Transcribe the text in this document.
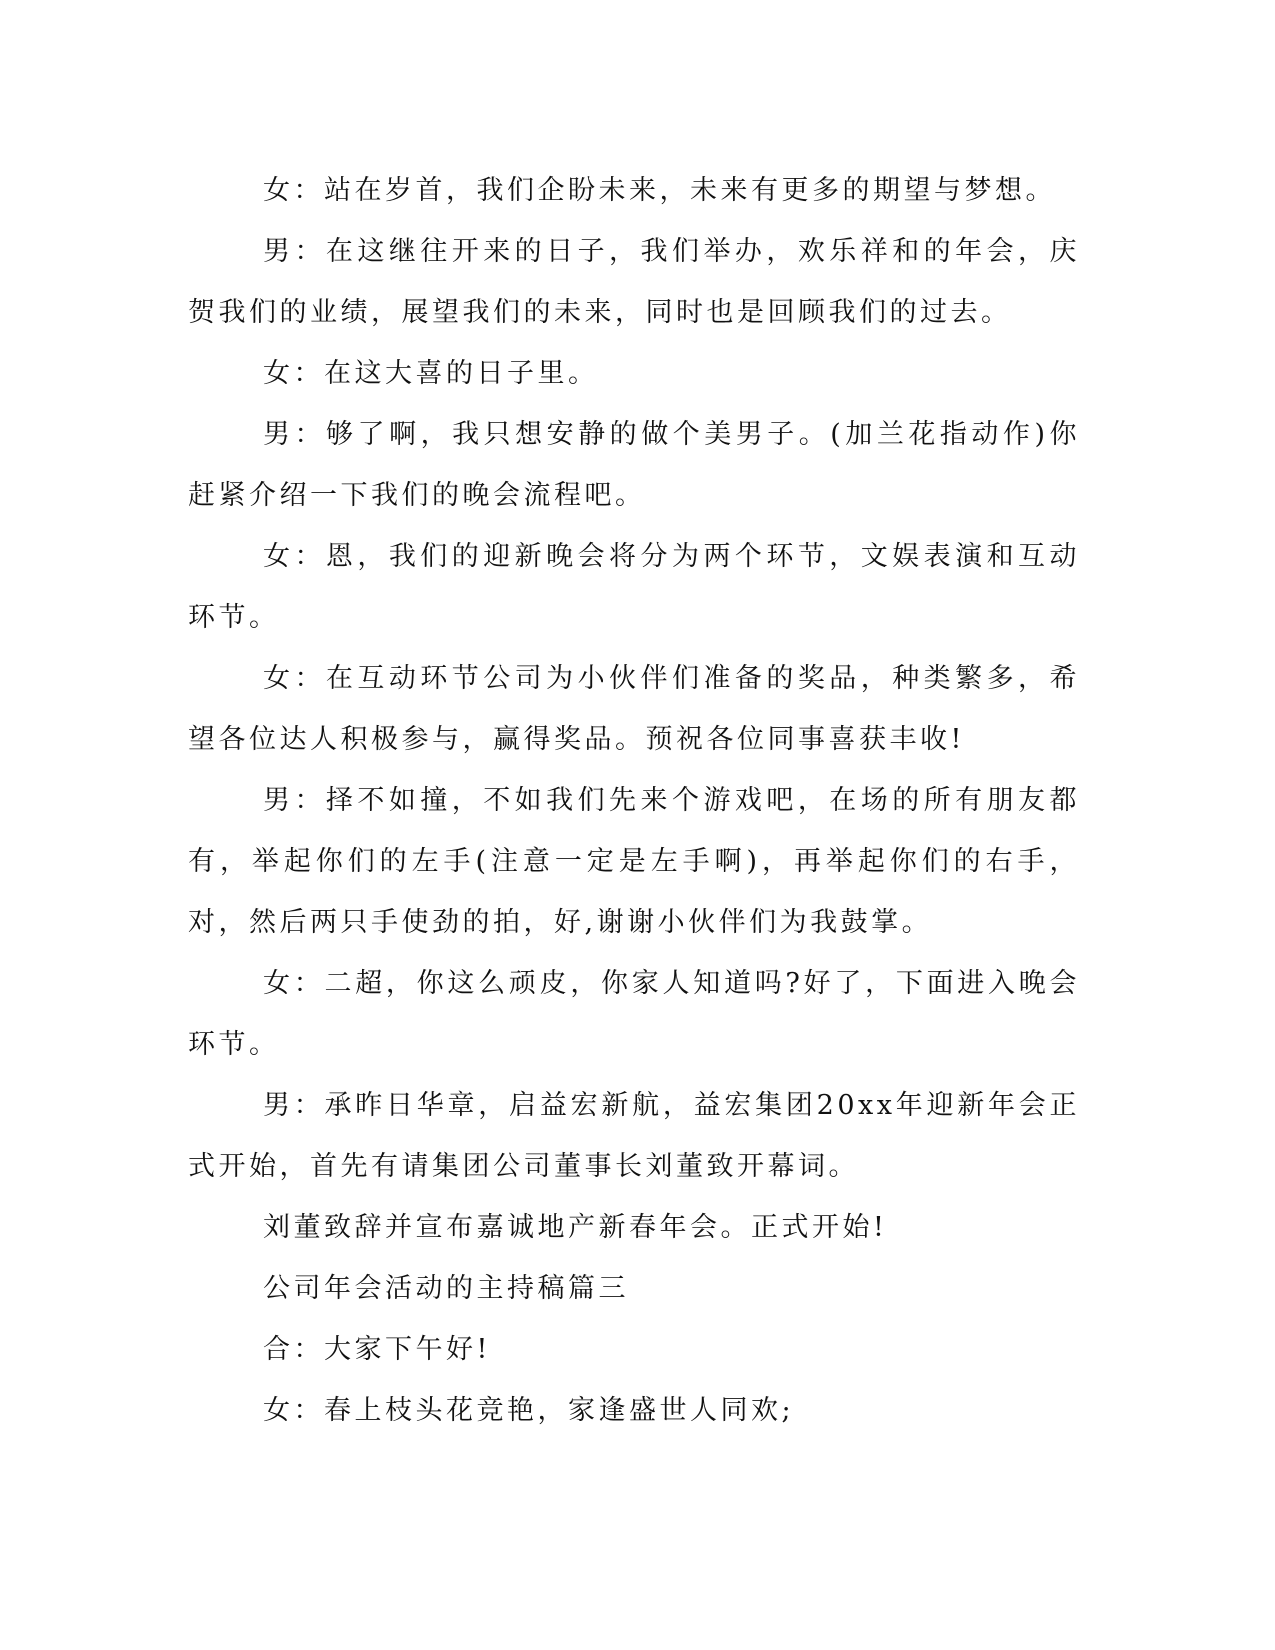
女：站在岁首，我们企盼未来，未来有更多的期望与梦想。

男：在这继往开来的日子，我们举办，欢乐祥和的年会，庆贺我们的业绩，展望我们的未来，同时也是回顾我们的过去。

女：在这大喜的日子里。

男：够了啊，我只想安静的做个美男子。(加兰花指动作)你赶紧介绍一下我们的晚会流程吧。

女：恩，我们的迎新晚会将分为两个环节，文娱表演和互动环节。

女：在互动环节公司为小伙伴们准备的奖品，种类繁多，希望各位达人积极参与，赢得奖品。预祝各位同事喜获丰收!

男：择不如撞，不如我们先来个游戏吧，在场的所有朋友都有，举起你们的左手(注意一定是左手啊)，再举起你们的右手，对，然后两只手使劲的拍，好,谢谢小伙伴们为我鼓掌。

女：二超，你这么顽皮，你家人知道吗?好了，下面进入晚会环节。

男：承昨日华章，启益宏新航，益宏集团20xx年迎新年会正式开始，首先有请集团公司董事长刘董致开幕词。

刘董致辞并宣布嘉诚地产新春年会。正式开始!

公司年会活动的主持稿篇三

合：大家下午好!

女：春上枝头花竞艳，家逢盛世人同欢;
